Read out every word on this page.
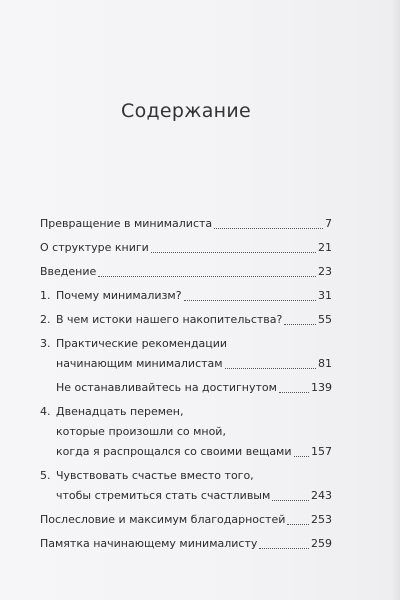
Содержание
Превращение в минималиста	7
О структуре книги	21
Введение	23
1. Почему минимализм?	31
2. В чем истоки нашего накопительства?	55
3. Практические рекомендации
начинающим минималистам	81
Не останавливайтесь на достигнутом	139
4. Двенадцать перемен,
которые произошли со мной,
когда я распрощался со своими вещами 157
5. Чувствовать счастье вместо того,
чтобы стремиться стать счастливым	243
Послесловие и максимум благодарностей 253
Памятка начинающему минималисту	259
